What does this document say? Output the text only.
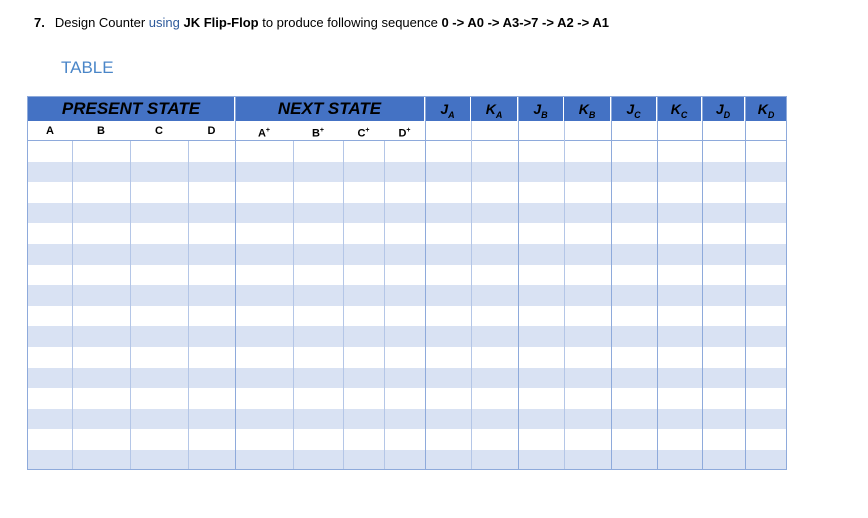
7. Design Counter using JK Flip-Flop to produce following sequence 0 -> A0 -> A3->7 -> A2 -> A1
TABLE
PRESENT STATE	NEXT STATE	$J_A$	$K_A$	$J_B$	$K_B$	$J_C$	$K_C$	$J_D$	$K_D$
A	B	C	D	A+	B+	C+	D+
